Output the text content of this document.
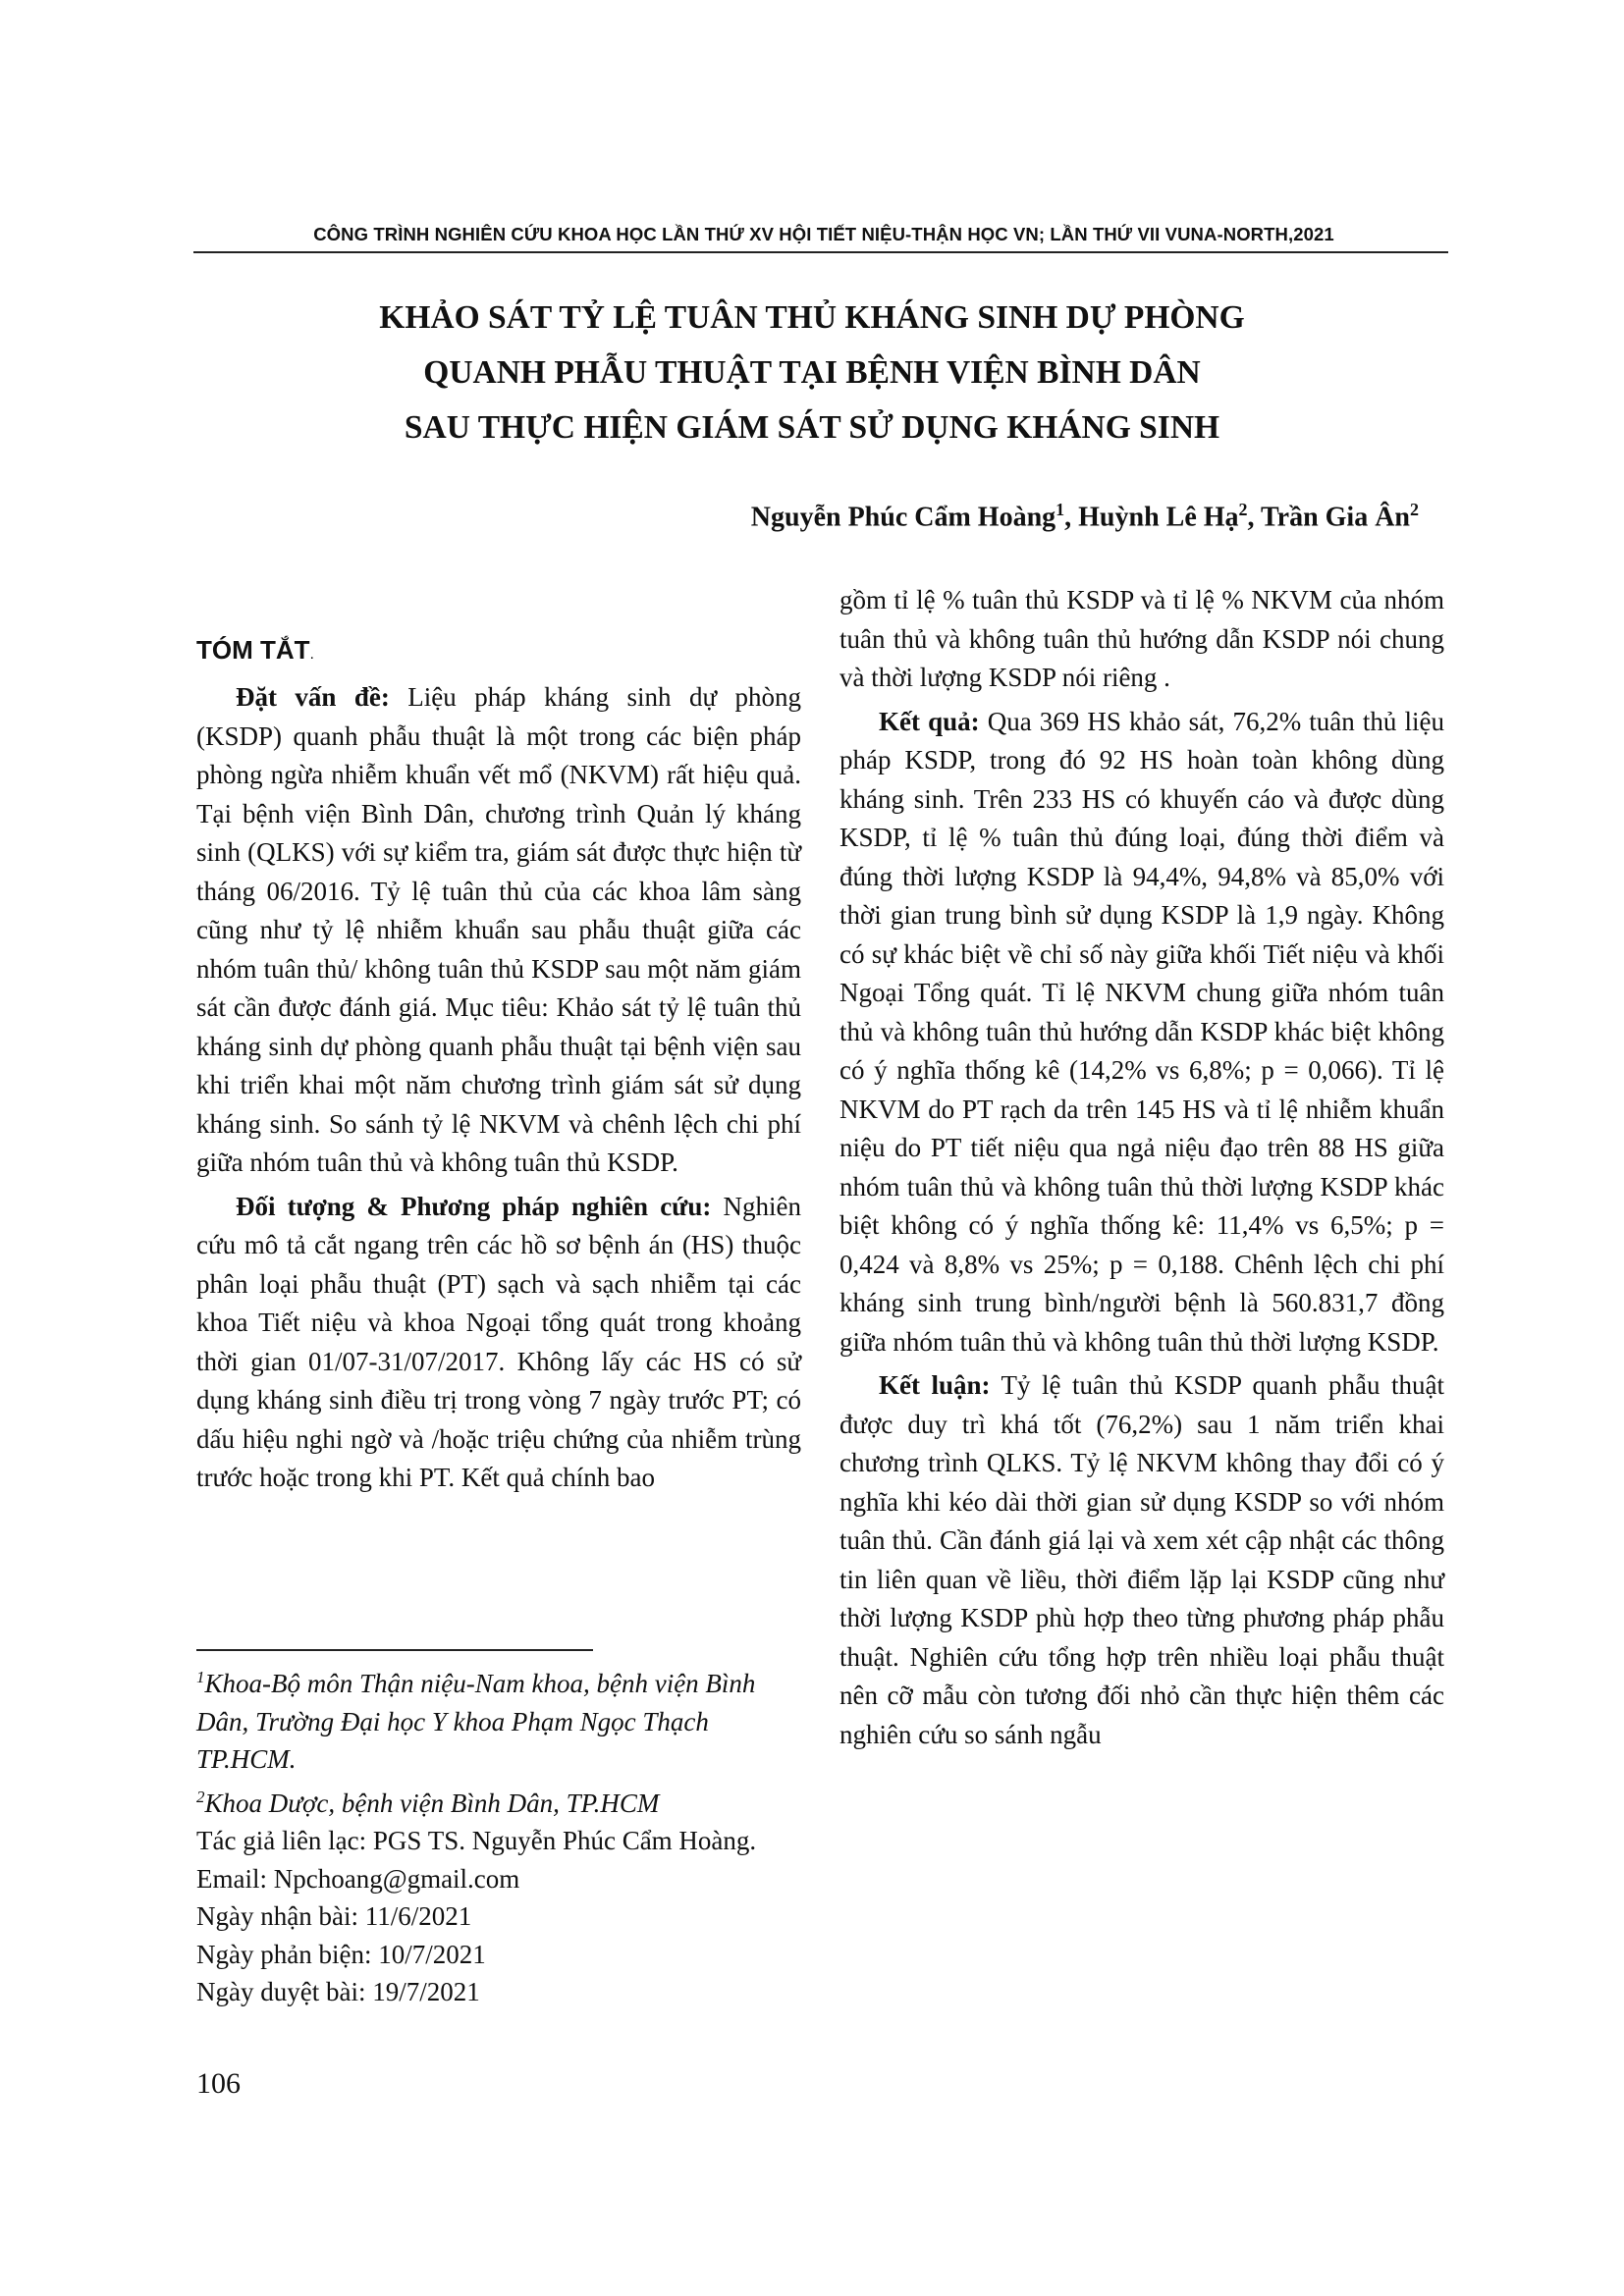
CÔNG TRÌNH NGHIÊN CỨU KHOA HỌC LẦN THỨ XV HỘI TIẾT NIỆU-THẬN HỌC VN; LẦN THỨ VII VUNA-NORTH,2021
KHẢO SÁT TỶ LỆ TUÂN THỦ KHÁNG SINH DỰ PHÒNG
QUANH PHẪU THUẬT TẠI BỆNH VIỆN BÌNH DÂN
SAU THỰC HIỆN GIÁM SÁT SỬ DỤNG KHÁNG SINH
Nguyễn Phúc Cẩm Hoàng$^1$, Huỳnh Lê Hạ$^2$, Trần Gia $Ân^2$
TÓM TẮT.

Đặt vấn đề: Liệu pháp kháng sinh dự phòng (KSDP) quanh phẫu thuật là một trong các biện pháp phòng ngừa nhiễm khuẩn vết mổ (NKVM) rất hiệu quả. Tại bệnh viện Bình Dân, chương trình Quản lý kháng sinh (QLKS) với sự kiểm tra, giám sát được thực hiện từ tháng 06/2016. Tỷ lệ tuân thủ của các khoa lâm sàng cũng như tỷ lệ nhiễm khuẩn sau phẫu thuật giữa các nhóm tuân thủ/ không tuân thủ KSDP sau một năm giám sát cần được đánh giá. Mục tiêu: Khảo sát tỷ lệ tuân thủ kháng sinh dự phòng quanh phẫu thuật tại bệnh viện sau khi triển khai một năm chương trình giám sát sử dụng kháng sinh. So sánh tỷ lệ NKVM và chênh lệch chi phí giữa nhóm tuân thủ và không tuân thủ KSDP.

Đối tượng & Phương pháp nghiên cứu: Nghiên cứu mô tả cắt ngang trên các hồ sơ bệnh án (HS) thuộc phân loại phẫu thuật (PT) sạch và sạch nhiễm tại các khoa Tiết niệu và khoa Ngoại tổng quát trong khoảng thời gian 01/07-31/07/2017. Không lấy các HS có sử dụng kháng sinh điều trị trong vòng 7 ngày trước PT; có dấu hiệu nghi ngờ và /hoặc triệu chứng của nhiễm trùng trước hoặc trong khi PT. Kết quả chính bao

$^1$Khoa-Bộ môn Thận niệu-Nam khoa, bệnh viện Bình Dân, Trường Đại học Y khoa Phạm Ngọc Thạch TP.HCM.
$^2$Khoa Dược, bệnh viện Bình Dân, TP.HCM
Tác giả liên lạc: PGS TS. Nguyễn Phúc Cẩm Hoàng.
Email: Npchoang@gmail.com
Ngày nhận bài: 11/6/2021
Ngày phản biện: 10/7/2021
Ngày duyệt bài: 19/7/2021

gồm tỉ lệ % tuân thủ KSDP và tỉ lệ % NKVM của nhóm tuân thủ và không tuân thủ hướng dẫn KSDP nói chung và thời lượng KSDP nói riêng .

Kết quả: Qua 369 HS khảo sát, 76,2% tuân thủ liệu pháp KSDP, trong đó 92 HS hoàn toàn không dùng kháng sinh. Trên 233 HS có khuyến cáo và được dùng KSDP, tỉ lệ % tuân thủ đúng loại, đúng thời điểm và đúng thời lượng KSDP là 94,4%, 94,8% và 85,0% với thời gian trung bình sử dụng KSDP là 1,9 ngày. Không có sự khác biệt về chỉ số này giữa khối Tiết niệu và khối Ngoại Tổng quát. Tỉ lệ NKVM chung giữa nhóm tuân thủ và không tuân thủ hướng dẫn KSDP khác biệt không có ý nghĩa thống kê (14,2% vs 6,8%; p = 0,066). Tỉ lệ NKVM do PT rạch da trên 145 HS và tỉ lệ nhiễm khuẩn niệu do PT tiết niệu qua ngả niệu đạo trên 88 HS giữa nhóm tuân thủ và không tuân thủ thời lượng KSDP khác biệt không có ý nghĩa thống kê: 11,4% vs 6,5%; p = 0,424 và 8,8% vs 25%; p = 0,188. Chênh lệch chi phí kháng sinh trung bình/người bệnh là 560.831,7 đồng giữa nhóm tuân thủ và không tuân thủ thời lượng KSDP.

Kết luận: Tỷ lệ tuân thủ KSDP quanh phẫu thuật được duy trì khá tốt (76,2%) sau 1 năm triển khai chương trình QLKS. Tỷ lệ NKVM không thay đổi có ý nghĩa khi kéo dài thời gian sử dụng KSDP so với nhóm tuân thủ. Cần đánh giá lại và xem xét cập nhật các thông tin liên quan về liều, thời điểm lặp lại KSDP cũng như thời lượng KSDP phù hợp theo từng phương pháp phẫu thuật. Nghiên cứu tổng hợp trên nhiều loại phẫu thuật nên cỡ mẫu còn tương đối nhỏ cần thực hiện thêm các nghiên cứu so sánh ngẫu

106
